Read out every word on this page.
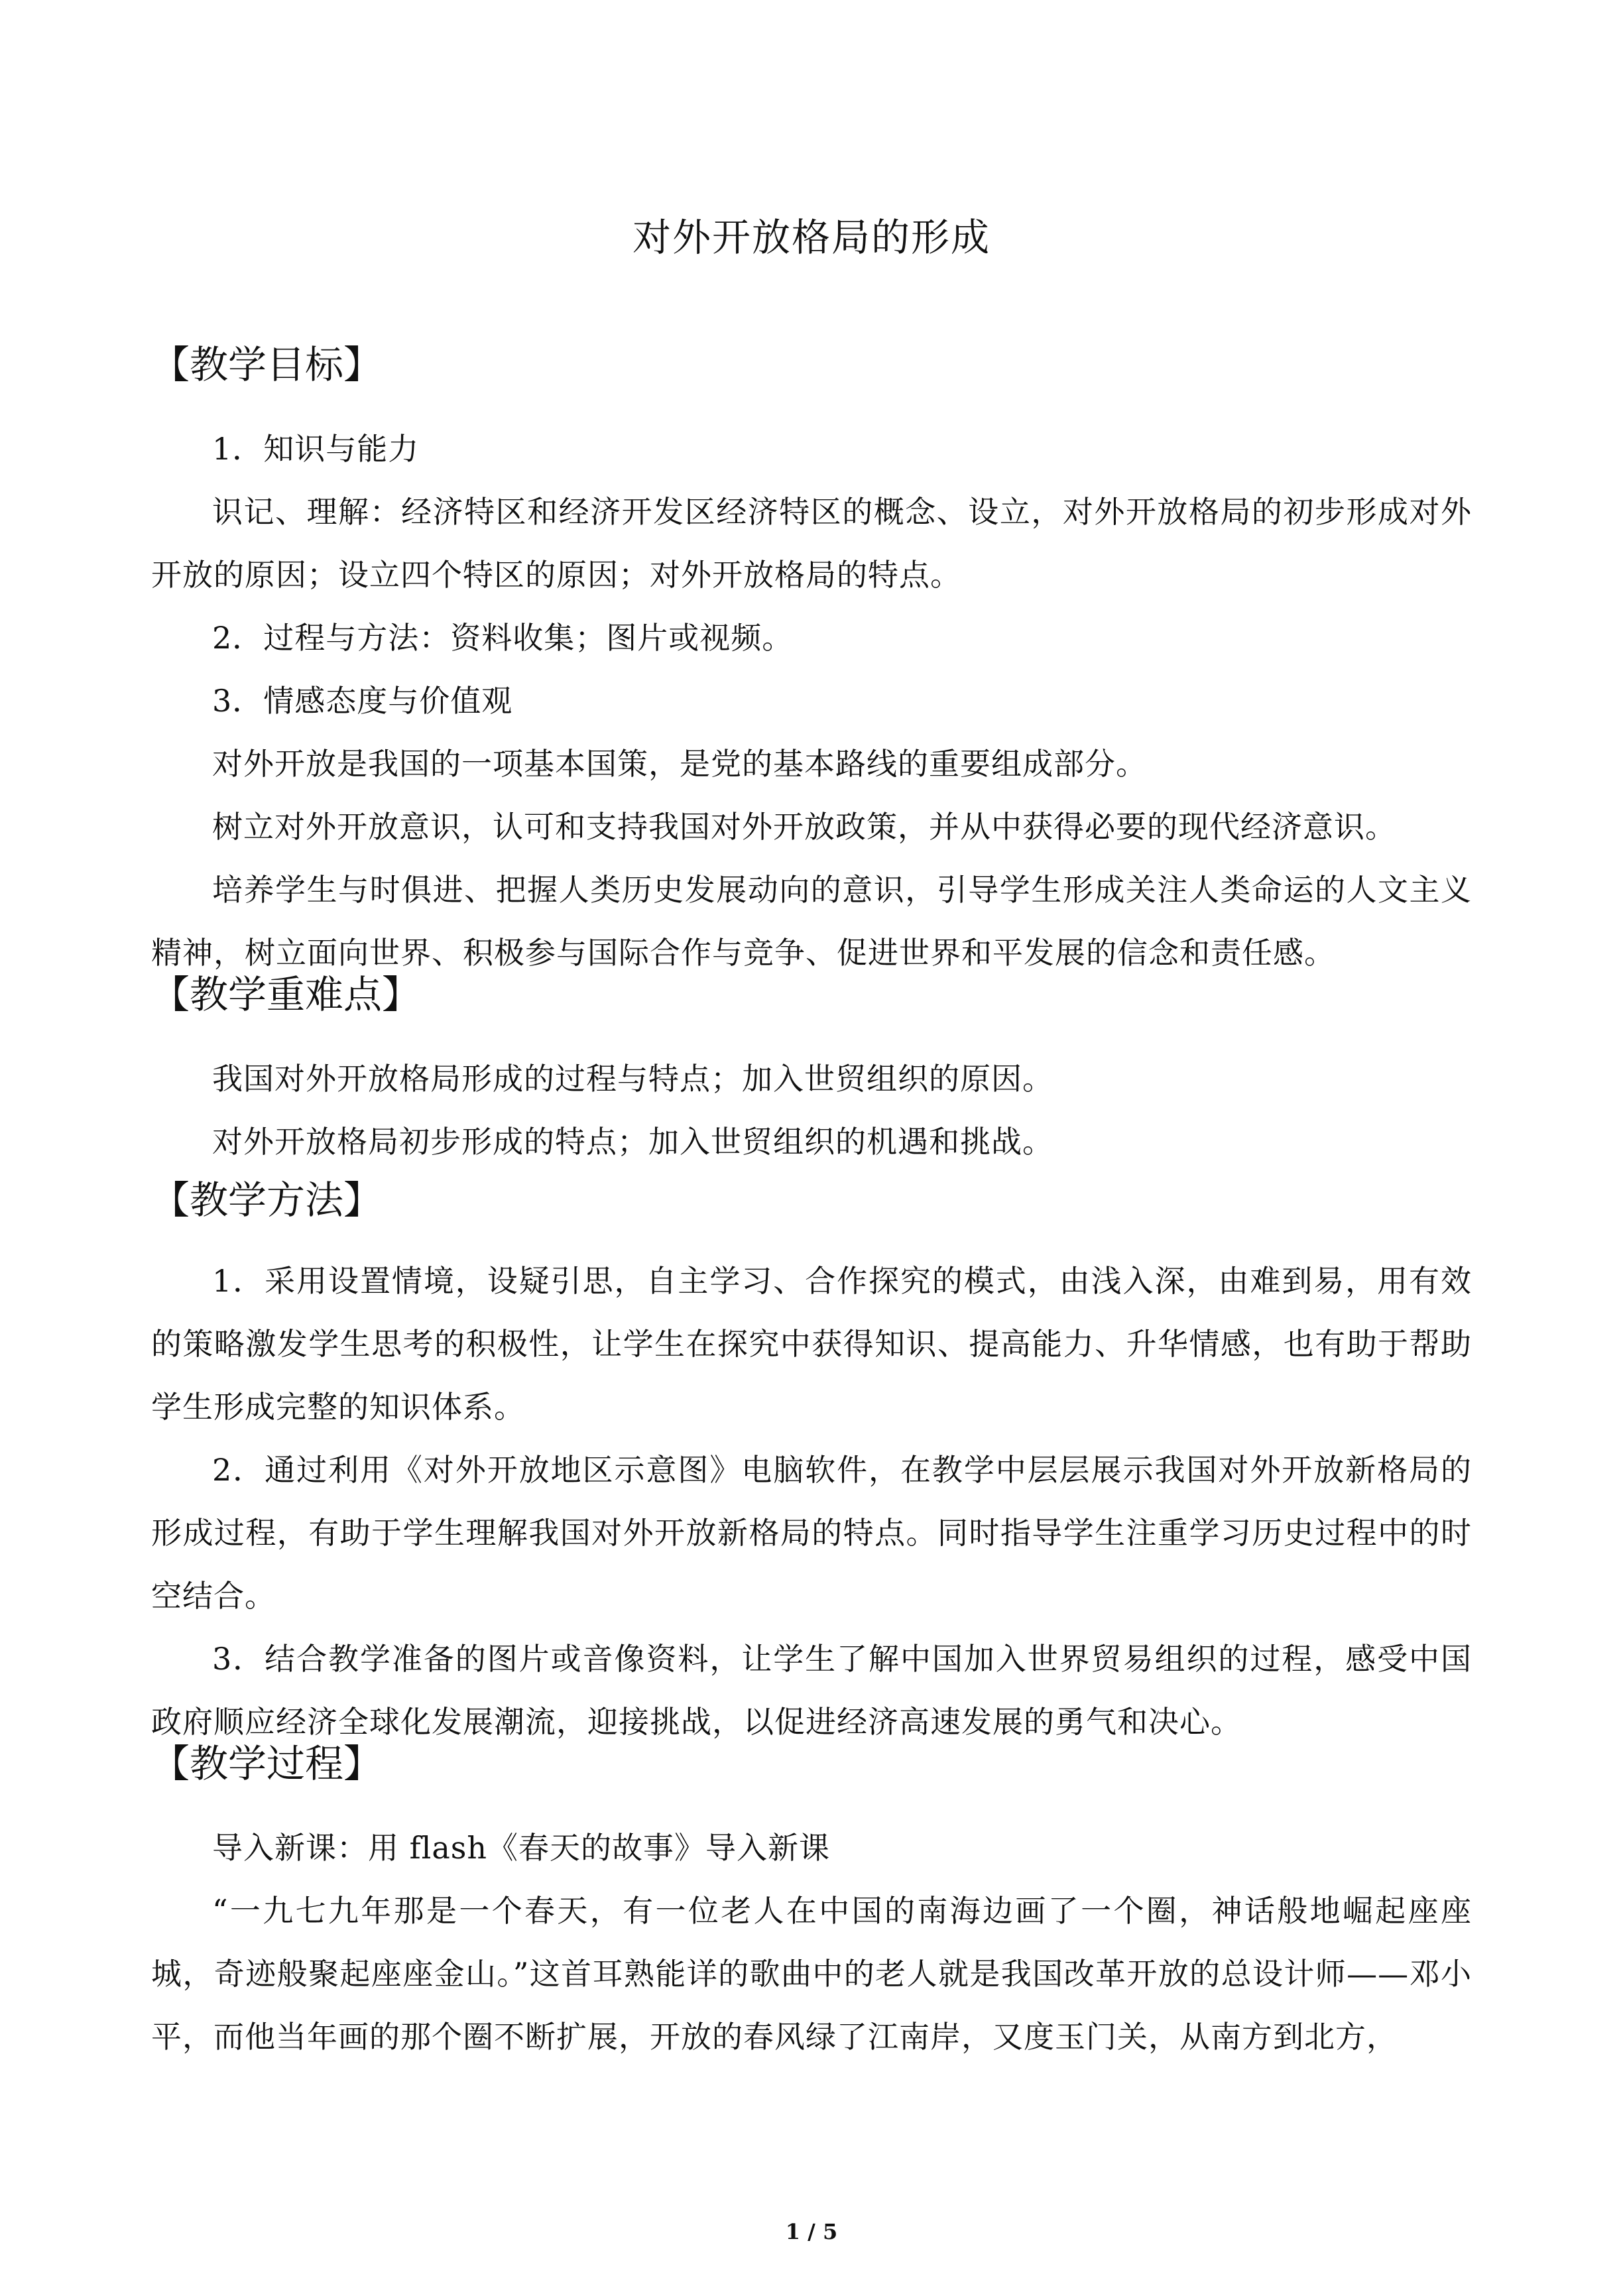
对外开放格局的形成
【教学目标】

1．知识与能力

识记、理解：经济特区和经济开发区经济特区的概念、设立，对外开放格局的初步形成对外开放的原因；设立四个特区的原因；对外开放格局的特点。

2．过程与方法：资料收集；图片或视频。

3．情感态度与价值观

对外开放是我国的一项基本国策，是党的基本路线的重要组成部分。

树立对外开放意识，认可和支持我国对外开放政策，并从中获得必要的现代经济意识。

培养学生与时俱进、把握人类历史发展动向的意识，引导学生形成关注人类命运的人文主义精神，树立面向世界、积极参与国际合作与竞争、促进世界和平发展的信念和责任感。

【教学重难点】

我国对外开放格局形成的过程与特点；加入世贸组织的原因。

对外开放格局初步形成的特点；加入世贸组织的机遇和挑战。

【教学方法】

1．采用设置情境，设疑引思，自主学习、合作探究的模式，由浅入深，由难到易，用有效的策略激发学生思考的积极性，让学生在探究中获得知识、提高能力、升华情感，也有助于帮助学生形成完整的知识体系。

2．通过利用《对外开放地区示意图》电脑软件，在教学中层层展示我国对外开放新格局的形成过程，有助于学生理解我国对外开放新格局的特点。同时指导学生注重学习历史过程中的时空结合。

3．结合教学准备的图片或音像资料，让学生了解中国加入世界贸易组织的过程，感受中国政府顺应经济全球化发展潮流，迎接挑战，以促进经济高速发展的勇气和决心。

【教学过程】

导入新课：用 flash《春天的故事》导入新课

“一九七九年那是一个春天，有一位老人在中国的南海边画了一个圈，神话般地崛起座座城，奇迹般聚起座座金山。”这首耳熟能详的歌曲中的老人就是我国改革开放的总设计师——邓小平，而他当年画的那个圈不断扩展，开放的春风绿了江南岸，又度玉门关，从南方到北方，

1 / 5
